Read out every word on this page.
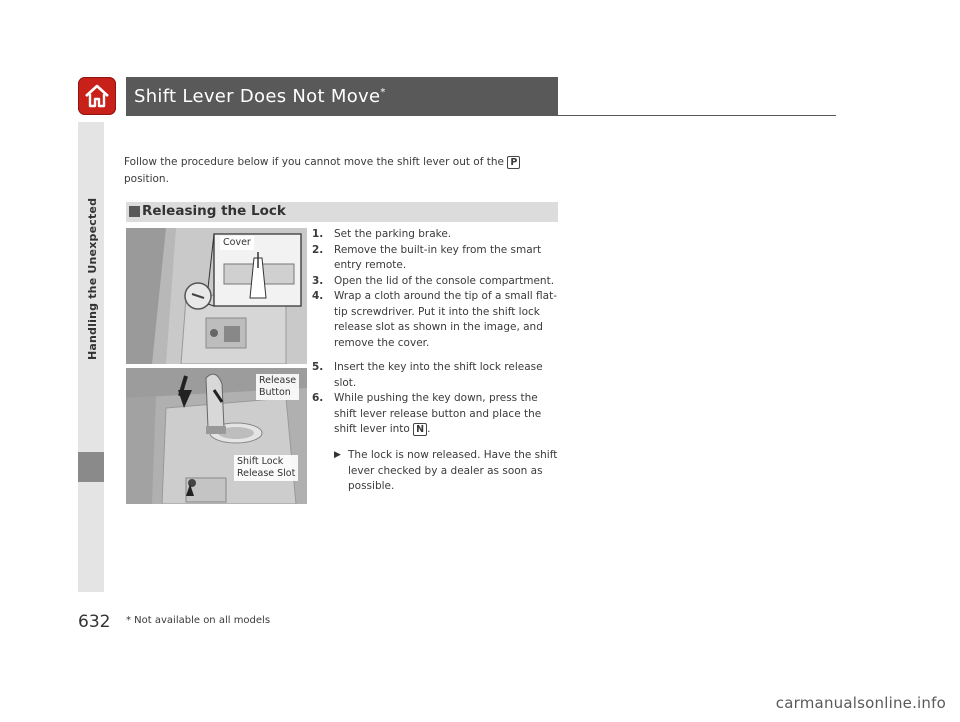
Handling the Unexpected
Shift Lever Does Not Move*
Follow the procedure below if you cannot move the shift lever out of the P
position.
Releasing the Lock
Cover
Release
Button
Shift Lock
Release Slot

1. Set the parking brake.

2. Remove the built-in key from the smart entry remote.

3. Open the lid of the console compartment.

4. Wrap a cloth around the tip of a small flat-tip screwdriver. Put it into the shift lock release slot as shown in the image, and remove the cover.

5. Insert the key into the shift lock release slot.

6. While pushing the key down, press the shift lever release button and place the shift lever into N .

▶ The lock is now released. Have the shift lever checked by a dealer as soon as possible.

632 * Not available on all models
carmanualsonline.info
